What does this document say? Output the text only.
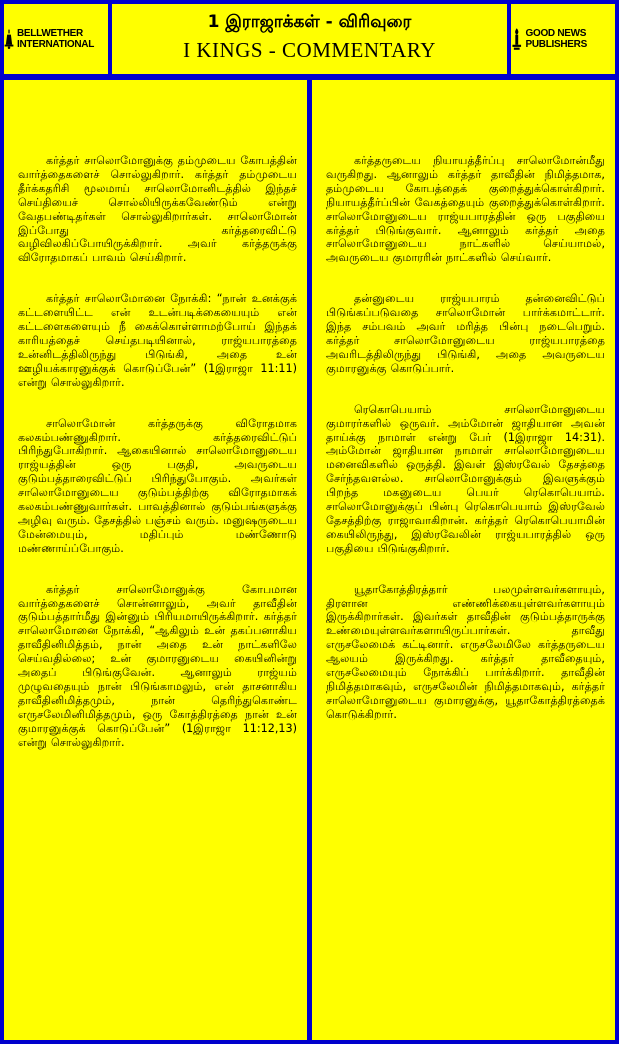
BELLWETHER INTERNATIONAL
1 இராஜாக்கள் - விரிவுரை
I KINGS - COMMENTARY
GOOD NEWS PUBLISHERS

கர்த்தர் சாலொமோனுக்கு தம்முடைய கோபத்தின் வார்த்தைகளைச் சொல்லுகிறார். கர்த்தர் தம்முடைய தீர்க்கதரிசி மூலமாய் சாலொமோனிடத்தில் இந்தச் செய்தியைச் சொல்லியிருக்கவேண்டும் என்று வேதபண்டிதர்கள் சொல்லுகிறார்கள். சாலொமோன் இப்போது கர்த்தரைவிட்டு வழிவிலகிப்போயிருக்கிறார். அவர் கர்த்தருக்கு விரோதமாகப் பாவம் செய்கிறார்.

கர்த்தர் சாலொமோனை நோக்கி: “நான் உனக்குக் கட்டளையிட்ட என் உடன்படிக்கையையும் என் கட்டளைகளையும் நீ கைக்கொள்ளாமற்போய் இந்தக் காரியத்தைச் செய்தபடியினால், ராஜ்யபாரத்தை உன்னிடத்திலிருந்து பிடுங்கி, அதை உன் ஊழியக்காரனுக்குக் கொடுப்பேன்” (1இராஜா 11:11) என்று சொல்லுகிறார்.

சாலொமோன் கர்த்தருக்கு விரோதமாக கலகம்பண்ணுகிறார். கர்த்தரைவிட்டுப் பிரிந்துபோகிறார். ஆகையினால் சாலொமோனுடைய ராஜ்யத்தின் ஒரு பகுதி, அவருடைய குடும்பத்தாரைவிட்டுப் பிரிந்துபோகும். அவர்கள் சாலொமோனுடைய குடும்பத்திற்கு விரோதமாகக் கலகம்பண்ணுவார்கள். பாவத்தினால் குடும்பங்களுக்கு அழிவு வரும். தேசத்தில் பஞ்சம் வரும். மனுஷருடைய மேன்மையும், மதிப்பும் மண்ணோடு மண்ணாய்ப்போகும்.

கர்த்தர் சாலொமோனுக்கு கோபமான வார்த்தைகளைச் சொன்னாலும், அவர் தாவீதின் குடும்பத்தார்மீது இன்னும் பிரியமாயிருக்கிறார். கர்த்தர் சாலொமோனை நோக்கி, “ஆகிலும் உன் தகப்பனாகிய தாவீதினிமித்தம், நான் அதை உன் நாட்களிலே செய்வதில்லை; உன் குமாரனுடைய கையினின்று அதைப் பிடுங்குவேன். ஆனாலும் ராஜ்யம் முழுவதையும் நான் பிடுங்காமலும், என் தாசனாகிய தாவீதினிமித்தமும், நான் தெரிந்துகொண்ட எருசலேமினிமித்தமும், ஒரு கோத்திரத்தை நான் உன் குமாரனுக்குக் கொடுப்பேன்” (1இராஜா 11:12,13) என்று சொல்லுகிறார்.

கர்த்தருடைய நியாயத்தீர்ப்பு சாலொமோன்மீது வருகிறது. ஆனாலும் கர்த்தர் தாவீதின் நிமித்தமாக, தம்முடைய கோபத்தைக் குறைத்துக்கொள்கிறார். நியாயத்தீர்ப்பின் வேகத்தையும் குறைத்துக்கொள்கிறார். சாலொமோனுடைய ராஜ்யபாரத்தின் ஒரு பகுதியை கர்த்தர் பிடுங்குவார். ஆனாலும் கர்த்தர் அதை சாலொமோனுடைய நாட்களில் செய்யாமல், அவருடைய குமாரரின் நாட்களில் செய்வார்.

தன்னுடைய ராஜ்யபாரம் தன்னைவிட்டுப் பிடுங்கப்படுவதை சாலொமோன் பார்க்கமாட்டார். இந்த சம்பவம் அவர் மரித்த பின்பு நடைபெறும். கர்த்தர் சாலொமோனுடைய ராஜ்யபாரத்தை அவரிடத்திலிருந்து பிடுங்கி, அதை அவருடைய குமாரனுக்கு கொடுப்பார்.

ரெகொபெயாம் சாலொமோனுடைய குமாரர்களில் ஒருவர். அம்மோன் ஜாதியான அவன் தாய்க்கு நாமாள் என்று பேர் (1இராஜா 14:31). அம்மோன் ஜாதியான நாமாள் சாலொமோனுடைய மனைவிகளில் ஒருத்தி. இவள் இஸ்ரவேல் தேசத்தை சேர்ந்தவளல்ல. சாலொமோனுக்கும் இவளுக்கும் பிறந்த மகனுடைய பெயர் ரெகொபெயாம். சாலொமோனுக்குப் பின்பு ரெகொபெயாம் இஸ்ரவேல் தேசத்திற்கு ராஜாவாகிறான். கர்த்தர் ரெகொபெயாமின் கையிலிருந்து, இஸ்ரவேலின் ராஜ்யபாரத்தில் ஒரு பகுதியை பிடுங்குகிறார்.

யூதாகோத்திரத்தார் பலமுள்ளவர்களாயும், திரளான எண்ணிக்கையுள்ளவர்களாயும் இருக்கிறார்கள். இவர்கள் தாவீதின் குடும்பத்தாருக்கு உண்மையுள்ளவர்களாயிருப்பார்கள். தாவீது எருசலேமைக் கட்டினார். எருசலேமிலே கர்த்தருடைய ஆலயம் இருக்கிறது. கர்த்தர் தாவீதையும், எருசலேமையும் நோக்கிப் பார்க்கிறார். தாவீதின் நிமித்தமாகவும், எருசலேமின் நிமித்தமாகவும், கர்த்தர் சாலொமோனுடைய குமாரனுக்கு, யூதாகோத்திரத்தைக் கொடுக்கிறார்.
